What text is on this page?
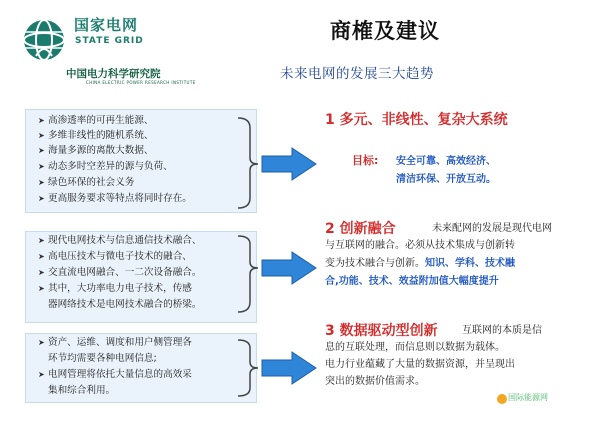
国家电网
STATE GRID
中国电力科学研究院
CHINA ELECTRIC POWER RESEARCH INSTITUTE
商榷及建议
未来电网的发展三大趋势
➤ 高渗透率的可再生能源、
➤ 多维非线性的随机系统、
➤ 海量多源的离散大数据、
➤ 动态多时空差异的源与负荷、
➤ 绿色环保的社会义务
➤ 更高服务要求等特点将同时存在。
➤ 现代电网技术与信息通信技术融合、
➤ 高电压技术与微电子技术的融合、
➤ 交直流电网融合、一二次设备融合。
➤ 其中，大功率电力电子技术，传感
器网络技术是电网技术融合的桥梁。
➤ 资产、运维、调度和用户侧管理各
环节均需要各种电网信息;
➤ 电网管理将依托大量信息的高效采
集和综合利用。
1 多元、非线性、复杂大系统
目标: 安全可靠、高效经济、
清洁环保、开放互动。
2 创新融合	未来配网的发展是现代电网
与互联网的融合。必须从技术集成与创新转
变为技术融合与创新。知识、学科、技术融
合,功能、技术、效益附加值大幅度提升
3 数据驱动型创新 互联网的本质是信
息的互联处理，而信息则以数据为载体。
电力行业蕴藏了大量的数据资源，并呈现出
突出的数据价值需求。
国际能源网
